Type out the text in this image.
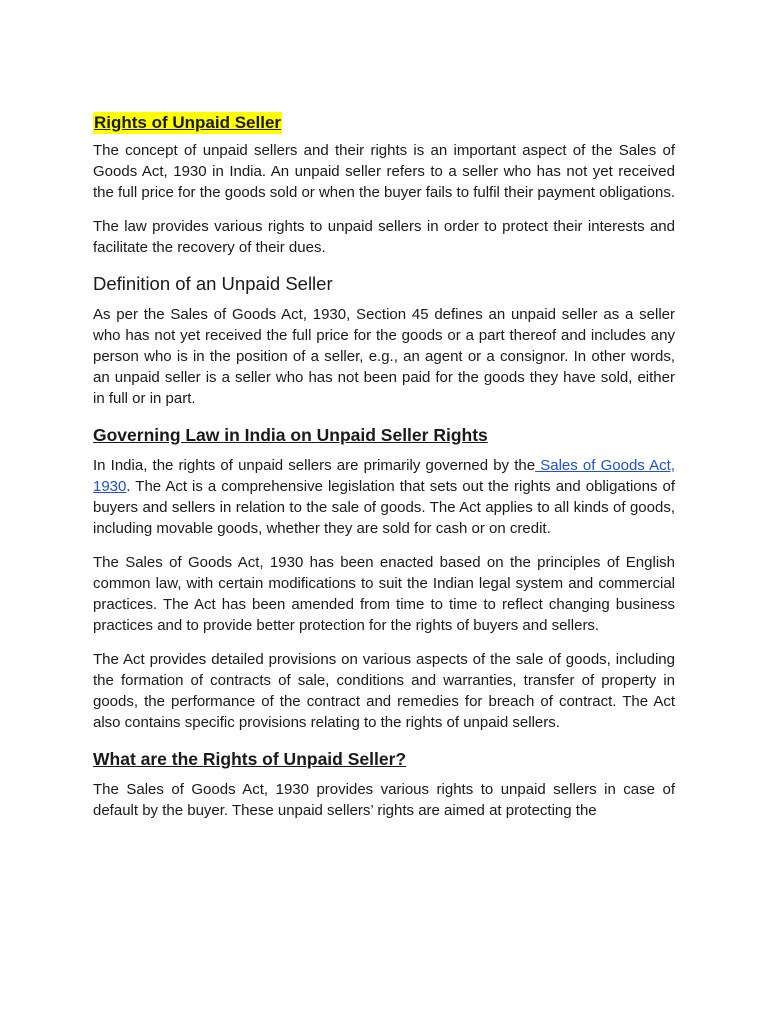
Rights of Unpaid Seller

The concept of unpaid sellers and their rights is an important aspect of the Sales of Goods Act, 1930 in India. An unpaid seller refers to a seller who has not yet received the full price for the goods sold or when the buyer fails to fulfil their payment obligations.

The law provides various rights to unpaid sellers in order to protect their interests and facilitate the recovery of their dues.

Definition of an Unpaid Seller

As per the Sales of Goods Act, 1930, Section 45 defines an unpaid seller as a seller who has not yet received the full price for the goods or a part thereof and includes any person who is in the position of a seller, e.g., an agent or a consignor. In other words, an unpaid seller is a seller who has not been paid for the goods they have sold, either in full or in part.

Governing Law in India on Unpaid Seller Rights

In India, the rights of unpaid sellers are primarily governed by the Sales of Goods Act, 1930. The Act is a comprehensive legislation that sets out the rights and obligations of buyers and sellers in relation to the sale of goods. The Act applies to all kinds of goods, including movable goods, whether they are sold for cash or on credit.

The Sales of Goods Act, 1930 has been enacted based on the principles of English common law, with certain modifications to suit the Indian legal system and commercial practices. The Act has been amended from time to time to reflect changing business practices and to provide better protection for the rights of buyers and sellers.

The Act provides detailed provisions on various aspects of the sale of goods, including the formation of contracts of sale, conditions and warranties, transfer of property in goods, the performance of the contract and remedies for breach of contract. The Act also contains specific provisions relating to the rights of unpaid sellers.

What are the Rights of Unpaid Seller?

The Sales of Goods Act, 1930 provides various rights to unpaid sellers in case of default by the buyer. These unpaid sellers’ rights are aimed at protecting the
